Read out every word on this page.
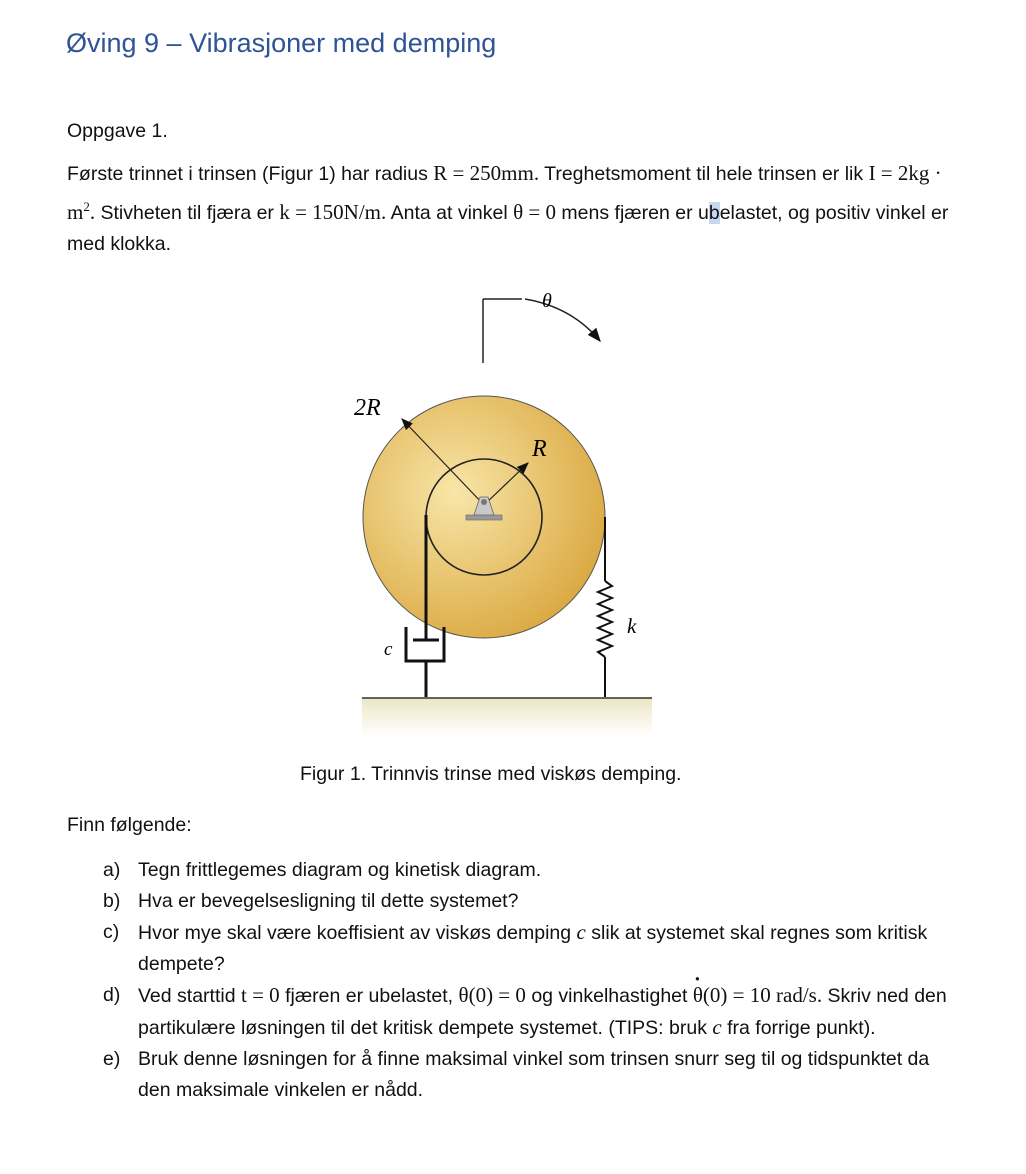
Øving 9 – Vibrasjoner med demping
Oppgave 1.
Første trinnet i trinsen (Figur 1) har radius R = 250mm. Treghetsmoment til hele trinsen er lik $I = 2kg \cdot m^2$. Stivheten til fjæra er k = 150N/m. Anta at vinkel θ = 0 mens fjæren er ubelastet, og positiv vinkel er med klokka.
θ
2R
R
c
k
Figur 1. Trinnvis trinse med viskøs demping.
Finn følgende:
a) Tegn frittlegemes diagram og kinetisk diagram.
b) Hva er bevegelsesligning til dette systemet?
c) Hvor mye skal være koeffisient av viskøs demping c slik at systemet skal regnes som kritisk dempete?
d) Ved starttid t = 0 fjæren er ubelastet, θ(0) = 0 og vinkelhastighet θ ·(0) = 10 rad/s. Skriv ned den partikulære løsningen til det kritisk dempete systemet. (TIPS: bruk c fra forrige punkt).
e) Bruk denne løsningen for å finne maksimal vinkel som trinsen snurr seg til og tidspunktet da den maksimale vinkelen er nådd.
